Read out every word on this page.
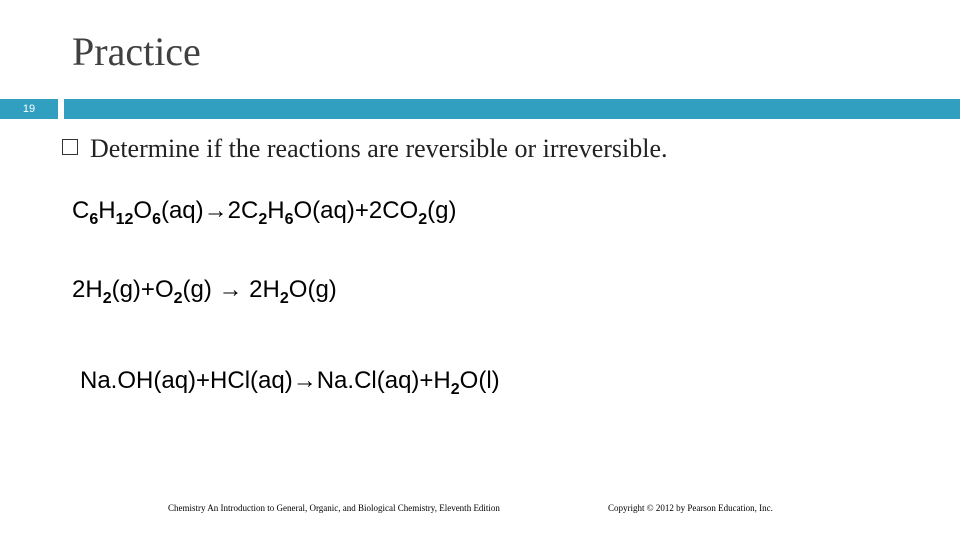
Practice
19
Determine if the reactions are reversible or irreversible.
$C_6H_{12}O_6(aq)\to 2C_2H_6O(aq)+2CO_2(g)$
$2H_2(g)+O_2(g) \to 2H_2O(g)$
$Na.OH(aq)+HCl(aq)\to Na.Cl(aq)+H_2O(l)$
Chemistry An Introduction to General, Organic, and Biological Chemistry, Eleventh Edition	Copyright © 2012 by Pearson Education, Inc.
